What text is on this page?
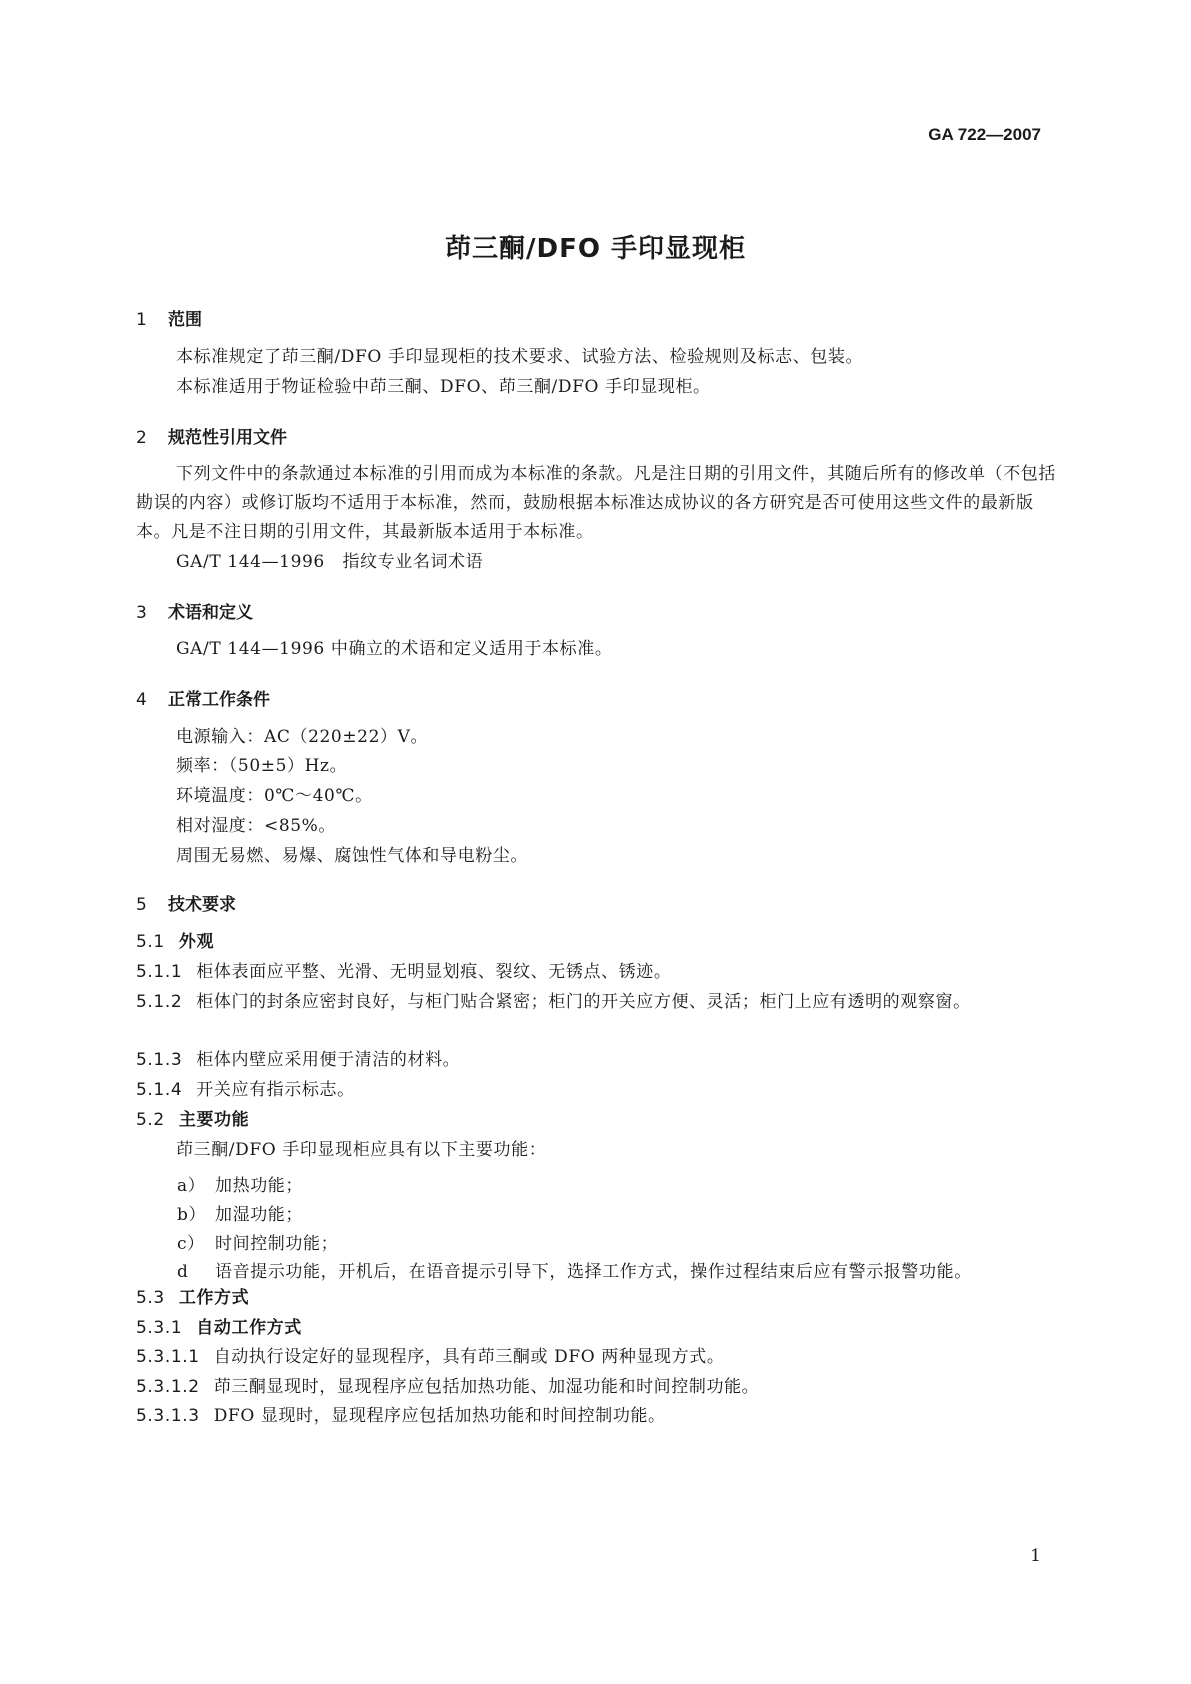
GA 722—2007
茚三酮/DFO 手印显现柜
1 范围
本标准规定了茚三酮/DFO 手印显现柜的技术要求、试验方法、检验规则及标志、包装。
本标准适用于物证检验中茚三酮、DFO、茚三酮/DFO 手印显现柜。
2 规范性引用文件
下列文件中的条款通过本标准的引用而成为本标准的条款。凡是注日期的引用文件，其随后所有的修改单（不包括勘误的内容）或修订版均不适用于本标准，然而，鼓励根据本标准达成协议的各方研究是否可使用这些文件的最新版本。凡是不注日期的引用文件，其最新版本适用于本标准。
GA/T 144—1996　指纹专业名词术语
3 术语和定义
GA/T 144—1996 中确立的术语和定义适用于本标准。
4 正常工作条件
电源输入：AC（220±22）V。
频率：（50±5）Hz。
环境温度：0℃～40℃。
相对湿度：<85%。
周围无易燃、易爆、腐蚀性气体和导电粉尘。
5 技术要求
5.1 外观
5.1.1 柜体表面应平整、光滑、无明显划痕、裂纹、无锈点、锈迹。
5.1.2 柜体门的封条应密封良好，与柜门贴合紧密；柜门的开关应方便、灵活；柜门上应有透明的观察窗。
5.1.3 柜体内壁应采用便于清洁的材料。
5.1.4 开关应有指示标志。
5.2 主要功能
茚三酮/DFO 手印显现柜应具有以下主要功能：
a） 加热功能；
b） 加湿功能；
c） 时间控制功能；
d 语音提示功能，开机后，在语音提示引导下，选择工作方式，操作过程结束后应有警示报警功能。
5.3 工作方式
5.3.1 自动工作方式
5.3.1.1 自动执行设定好的显现程序，具有茚三酮或 DFO 两种显现方式。
5.3.1.2 茚三酮显现时，显现程序应包括加热功能、加湿功能和时间控制功能。
5.3.1.3 DFO 显现时，显现程序应包括加热功能和时间控制功能。
1
